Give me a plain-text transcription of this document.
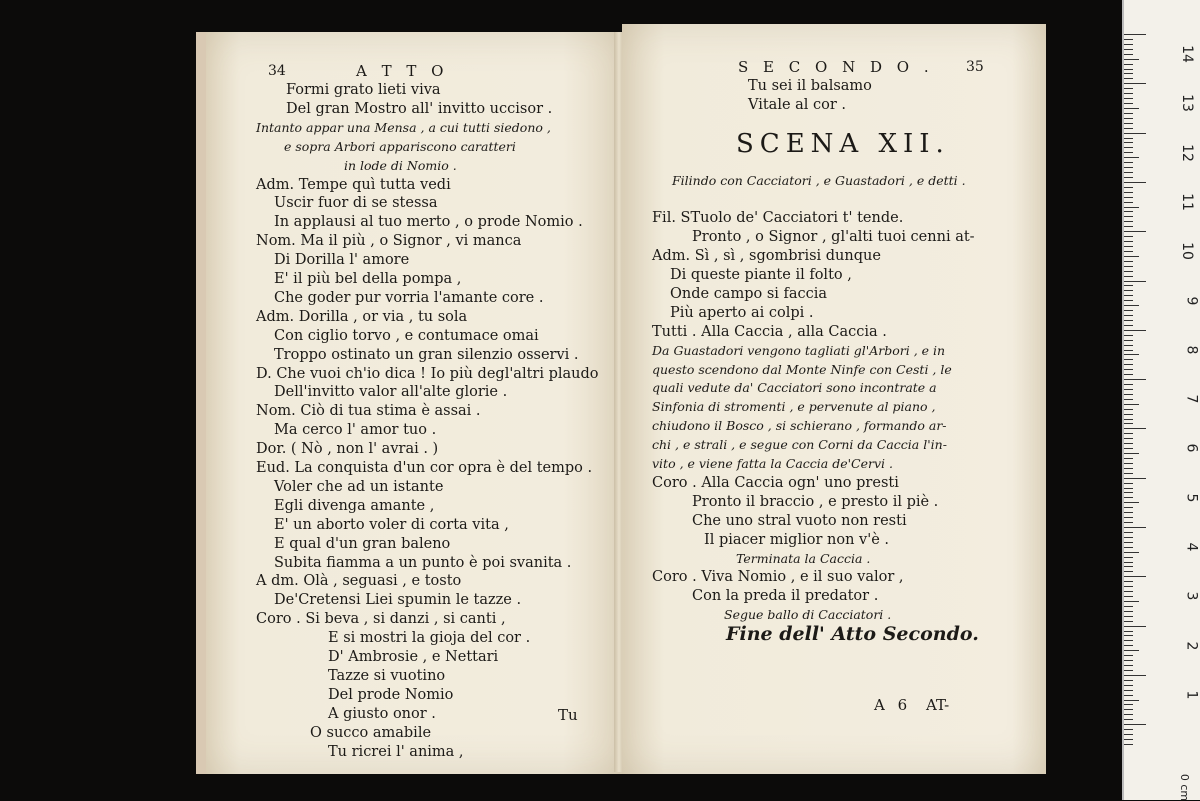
34	A T T O
Formi grato lieti viva
Del gran Mostro all' invitto uccisor .
Intanto appar una Mensa , a cui tutti siedono ,
e sopra Arbori appariscono caratteri
in lode di Nomio .
Adm. Tempe quì tutta vedi
Uscir fuor di se stessa
In applausi al tuo merto , o prode Nomio .
Nom. Ma il più , o Signor , vi manca
Di Dorilla l' amore
E' il più bel della pompa ,
Che goder pur vorria l'amante core .
Adm. Dorilla , or via , tu sola
Con ciglio torvo , e contumace omai
Troppo ostinato un gran silenzio osservi .
D. Che vuoi ch'io dica ! Io più degl'altri plaudo
Dell'invitto valor all'alte glorie .
Nom. Ciò di tua stima è assai .
Ma cerco l' amor tuo .
Dor. ( Nò , non l' avrai . )
Eud. La conquista d'un cor opra è del tempo .
Voler che ad un istante
Egli divenga amante ,
E' un aborto voler di corta vita ,
E qual d'un gran baleno
Subita fiamma a un punto è poi svanita .
A dm. Olà , seguasi , e tosto
De'Cretensi Liei spumin le tazze .
Coro . Si beva , si danzi , si canti ,
E si mostri la gioja del cor .
D' Ambrosie , e Nettari
Tazze si vuotino
Del prode Nomio
A giusto onor .
O succo amabile
Tu ricrei l' anima ,
Tu
S E C O N D O . 35
Tu sei il balsamo
Vitale al cor .
Filindo con Cacciatori , e Guastadori , e detti .
Fil. STuolo de' Cacciatori t' tende.
Pronto , o Signor , gl'alti tuoi cenni at-
Adm. Sì , sì , sgombrisi dunque
Di queste piante il folto ,
Onde campo si faccia
Più aperto ai colpi .
Tutti . Alla Caccia , alla Caccia .
Da Guastadori vengono tagliati gl'Arbori , e in
questo scendono dal Monte Ninfe con Cesti , le
quali vedute da' Cacciatori sono incontrate a
Sinfonia di stromenti , e pervenute al piano ,
chiudono il Bosco , si schierano , formando ar-
chi , e strali , e segue con Corni da Caccia l'in-
vito , e viene fatta la Caccia de'Cervi .
Coro . Alla Caccia ogn' uno presti
Pronto il braccio , e presto il piè .
Che uno stral vuoto non resti
Il piacer miglior non v'è .
Terminata la Caccia .
Coro . Viva Nomio , e il suo valor ,
Con la preda il predator .
Segue ballo di Cacciatori .
SCENA XII.
Fine dell' Atto Secondo.
A 6 AT-
14
13
12
11
10
9
8
7
6
5
4
3
2
1
0 cm
